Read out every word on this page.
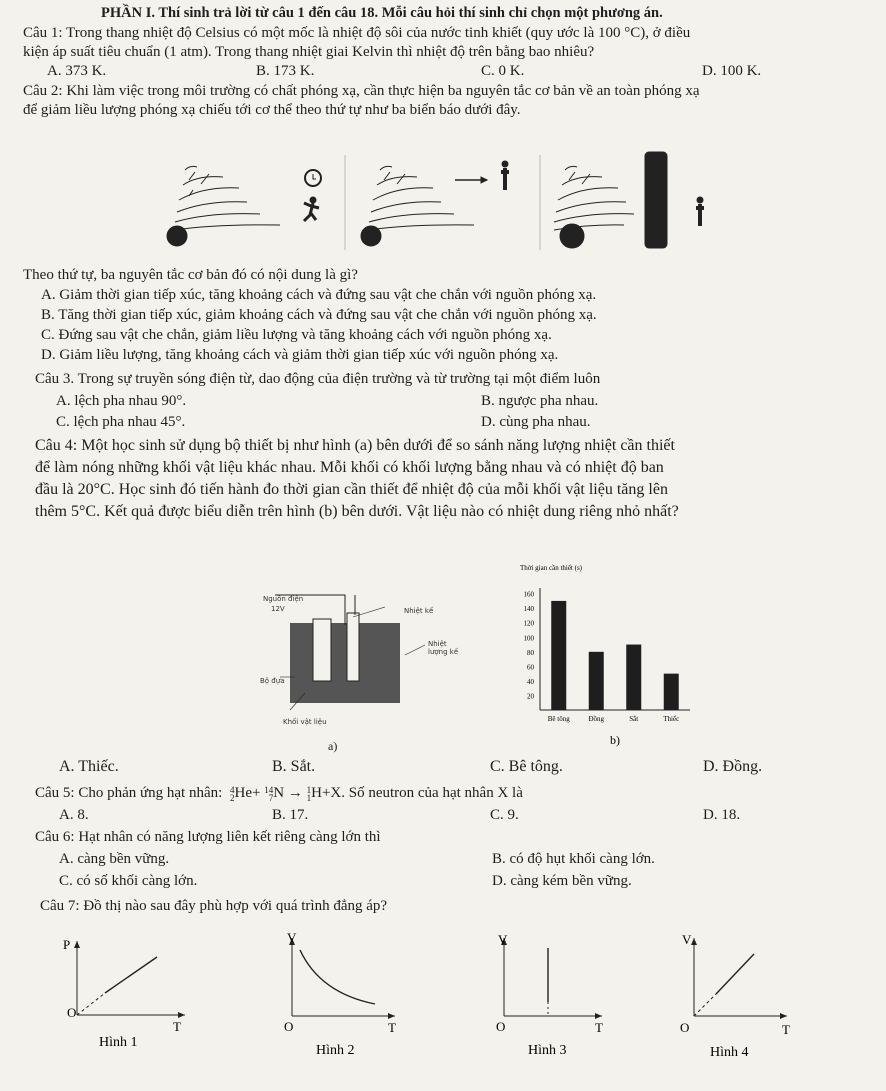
PHẦN I. Thí sinh trả lời từ câu 1 đến câu 18. Mỗi câu hỏi thí sinh chỉ chọn một phương án.
Câu 1: Trong thang nhiệt độ Celsius có một mốc là nhiệt độ sôi của nước tinh khiết (quy ước là 100 °C), ở điều
kiện áp suất tiêu chuẩn (1 atm). Trong thang nhiệt giai Kelvin thì nhiệt độ trên bằng bao nhiêu?
A. 373 K.	B. 173 K.	C. 0 K.	D. 100 K.
Câu 2: Khi làm việc trong môi trường có chất phóng xạ, cần thực hiện ba nguyên tắc cơ bản về an toàn phóng xạ
để giảm liều lượng phóng xạ chiếu tới cơ thể theo thứ tự như ba biển báo dưới đây.
Theo thứ tự, ba nguyên tắc cơ bản đó có nội dung là gì?
A. Giảm thời gian tiếp xúc, tăng khoảng cách và đứng sau vật che chắn với nguồn phóng xạ.
B. Tăng thời gian tiếp xúc, giảm khoảng cách và đứng sau vật che chắn với nguồn phóng xạ.
C. Đứng sau vật che chắn, giảm liều lượng và tăng khoảng cách với nguồn phóng xạ.
D. Giảm liều lượng, tăng khoảng cách và giảm thời gian tiếp xúc với nguồn phóng xạ.
Câu 3. Trong sự truyền sóng điện từ, dao động của điện trường và từ trường tại một điểm luôn
A. lệch pha nhau 90°.	B. ngược pha nhau.
C. lệch pha nhau 45°.	D. cùng pha nhau.
Câu 4: Một học sinh sử dụng bộ thiết bị như hình (a) bên dưới để so sánh năng lượng nhiệt cần thiết
để làm nóng những khối vật liệu khác nhau. Mỗi khối có khối lượng bằng nhau và có nhiệt độ ban
đầu là 20°C. Học sinh đó tiến hành đo thời gian cần thiết để nhiệt độ của mỗi khối vật liệu tăng lên
thêm 5°C. Kết quả được biểu diễn trên hình (b) bên dưới. Vật liệu nào có nhiệt dung riêng nhỏ nhất?
Nguồn điện
12V	Nhiệt kế
Nhiệt lượng kế
Bộ đựa
Khối vật liệu
a)
Thời gian cần thiết (s)
20
40
60
80
100
120
140
160
Bê tông	Đồng	Sắt	Thiếc
b)
A. Thiếc.	B. Sắt.	C. Bê tông.	D. Đồng.
Câu 5: Cho phản ứng hạt nhân: 4
2He+ 14
7N → 1
1H+X. Số neutron của hạt nhân X là
A. 8.	B. 17.	C. 9.	D. 18.
Câu 6: Hạt nhân có năng lượng liên kết riêng càng lớn thì
A. càng bền vững.	B. có độ hụt khối càng lớn.
C. có số khối càng lớn.	D. càng kém bền vững.
Câu 7: Đồ thị nào sau đây phù hợp với quá trình đẳng áp?
P
O
T
Hình 1
V
O	T
Hình 2
V
O	T
Hình 3
V
O	T
Hình 4
